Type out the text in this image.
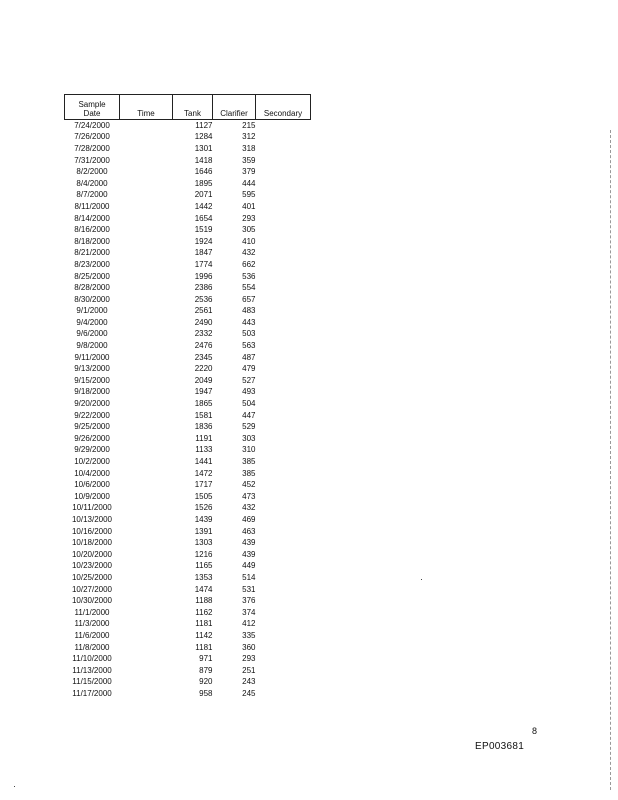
Sample
Date	Time	Tank	Clarifier	Secondary
7/24/2000		1127	215	
7/26/2000		1284	312	
7/28/2000		1301	318	
7/31/2000		1418	359	
8/2/2000		1646	379	
8/4/2000		1895	444	
8/7/2000		2071	595	
8/11/2000		1442	401	
8/14/2000		1654	293	
8/16/2000		1519	305	
8/18/2000		1924	410	
8/21/2000		1847	432	
8/23/2000		1774	662	
8/25/2000		1996	536	
8/28/2000		2386	554	
8/30/2000		2536	657	
9/1/2000		2561	483	
9/4/2000		2490	443	
9/6/2000		2332	503	
9/8/2000		2476	563	
9/11/2000		2345	487	
9/13/2000		2220	479	
9/15/2000		2049	527	
9/18/2000		1947	493	
9/20/2000		1865	504	
9/22/2000		1581	447	
9/25/2000		1836	529	
9/26/2000		1191	303	
9/29/2000		1133	310	
10/2/2000		1441	385	
10/4/2000		1472	385	
10/6/2000		1717	452	
10/9/2000		1505	473	
10/11/2000		1526	432	
10/13/2000		1439	469	
10/16/2000		1391	463	
10/18/2000		1303	439	
10/20/2000		1216	439	
10/23/2000		1165	449	
10/25/2000		1353	514	
10/27/2000		1474	531	
10/30/2000		1188	376	
11/1/2000		1162	374	
11/3/2000		1181	412	
11/6/2000		1142	335	
11/8/2000		1181	360	
11/10/2000		971	293	
11/13/2000		879	251	
11/15/2000		920	243	
11/17/2000		958	245	
8
EP003681
